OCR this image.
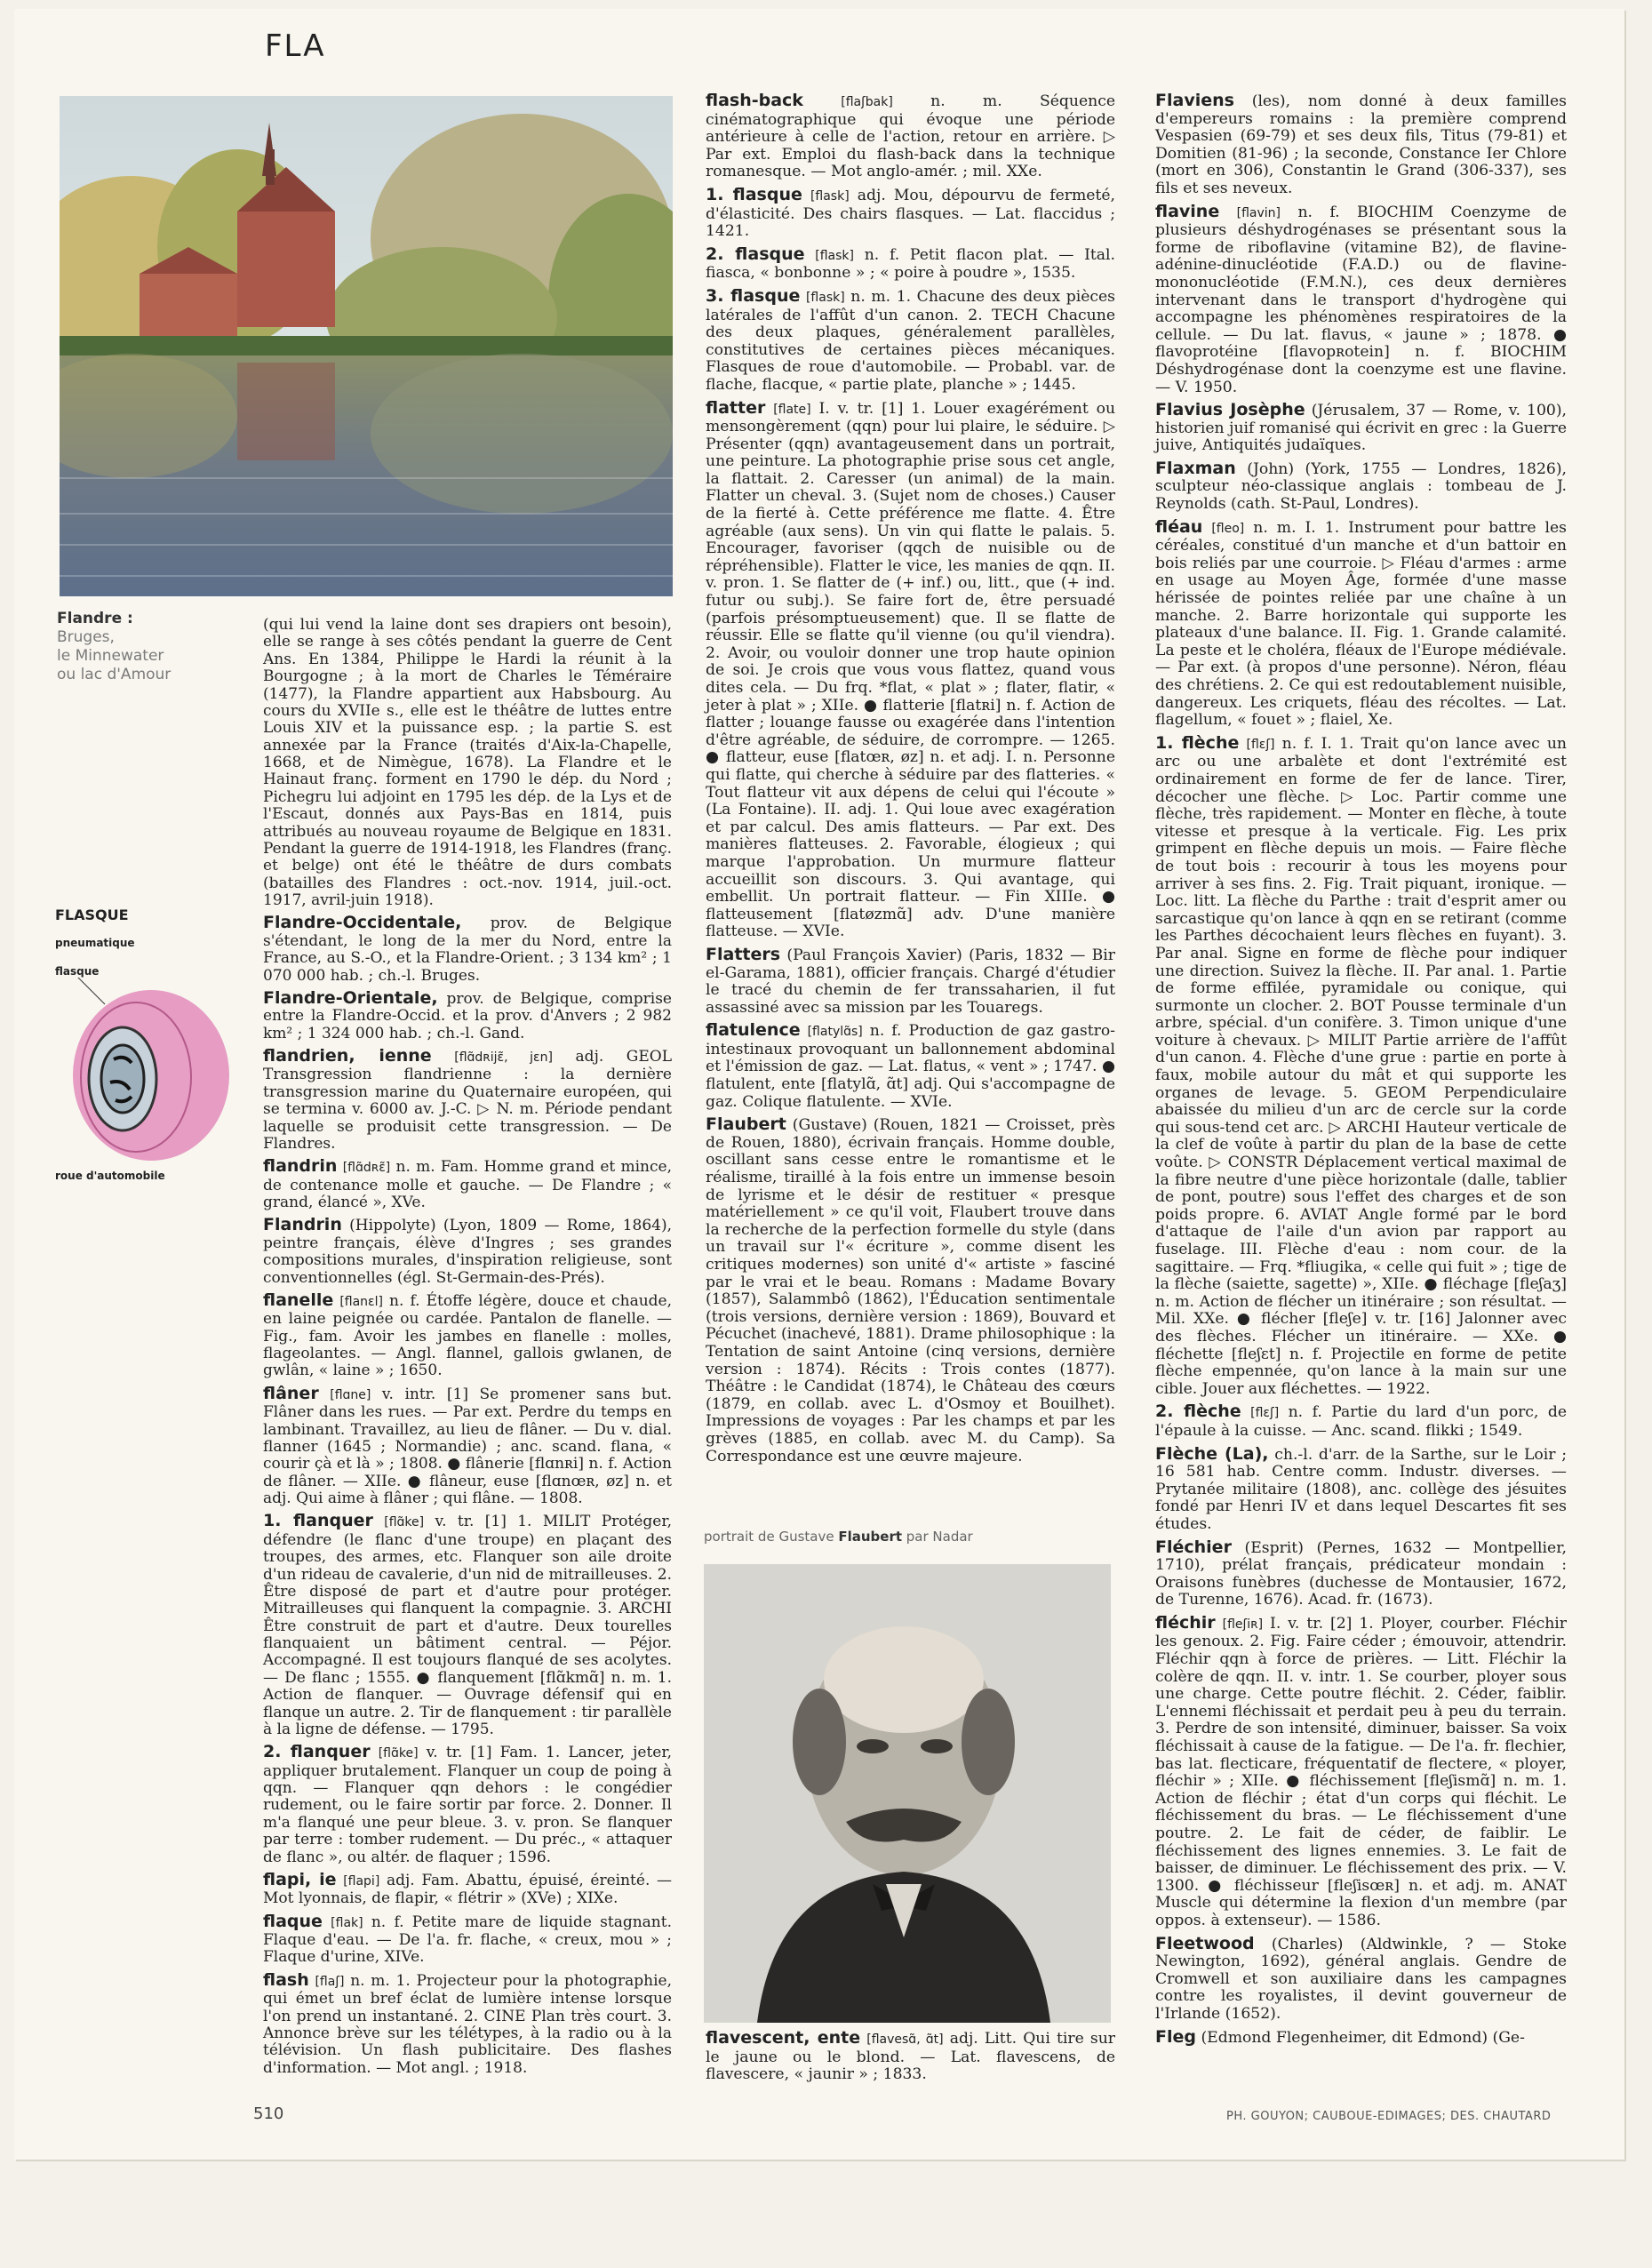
FLA
Flandre :
Bruges,
le Minnewater
ou lac d'Amour
FLASQUE
pneumatique
flasque
roue d'automobile

(qui lui vend la laine dont ses drapiers ont besoin), elle se range à ses côtés pendant la guerre de Cent Ans. En 1384, Philippe le Hardi la réunit à la Bourgogne ; à la mort de Charles le Téméraire (1477), la Flandre appartient aux Habsbourg. Au cours du XVIIe s., elle est le théâtre de luttes entre Louis XIV et la puissance esp. ; la partie S. est annexée par la France (traités d'Aix-la-Chapelle, 1668, et de Nimègue, 1678). La Flandre et le Hainaut franç. forment en 1790 le dép. du Nord ; Pichegru lui adjoint en 1795 les dép. de la Lys et de l'Escaut, donnés aux Pays-Bas en 1814, puis attribués au nouveau royaume de Belgique en 1831. Pendant la guerre de 1914-1918, les Flandres (franç. et belge) ont été le théâtre de durs combats (batailles des Flandres : oct.-nov. 1914, juil.-oct. 1917, avril-juin 1918).

Flandre-Occidentale, prov. de Belgique s'étendant, le long de la mer du Nord, entre la France, au S.-O., et la Flandre-Orient. ; 3 134 km² ; 1 070 000 hab. ; ch.-l. Bruges.

Flandre-Orientale, prov. de Belgique, comprise entre la Flandre-Occid. et la prov. d'Anvers ; 2 982 km² ; 1 324 000 hab. ; ch.-l. Gand.

flandrien, ienne [flɑ̃dʀijɛ̃, jɛn] adj. GEOL Transgression flandrienne : la dernière transgression marine du Quaternaire européen, qui se termina v. 6000 av. J.-C. ▷ N. m. Période pendant laquelle se produisit cette transgression. — De Flandres.

flandrin [flɑ̃dʀɛ̃] n. m. Fam. Homme grand et mince, de contenance molle et gauche. — De Flandre ; « grand, élancé », XVe.

Flandrin (Hippolyte) (Lyon, 1809 — Rome, 1864), peintre français, élève d'Ingres ; ses grandes compositions murales, d'inspiration religieuse, sont conventionnelles (égl. St-Germain-des-Prés).

flanelle [flanɛl] n. f. Étoffe légère, douce et chaude, en laine peignée ou cardée. Pantalon de flanelle. — Fig., fam. Avoir les jambes en flanelle : molles, flageolantes. — Angl. flannel, gallois gwlanen, de gwlân, « laine » ; 1650.

flâner [flɑne] v. intr. [1] Se promener sans but. Flâner dans les rues. — Par ext. Perdre du temps en lambinant. Travaillez, au lieu de flâner. — Du v. dial. flanner (1645 ; Normandie) ; anc. scand. flana, « courir çà et là » ; 1808. ● flânerie [flɑnʀi] n. f. Action de flâner. — XIIe. ● flâneur, euse [flɑnœʀ, øz] n. et adj. Qui aime à flâner ; qui flâne. — 1808.

1. flanquer [flɑ̃ke] v. tr. [1] 1. MILIT Protéger, défendre (le flanc d'une troupe) en plaçant des troupes, des armes, etc. Flanquer son aile droite d'un rideau de cavalerie, d'un nid de mitrailleuses. 2. Être disposé de part et d'autre pour protéger. Mitrailleuses qui flanquent la compagnie. 3. ARCHI Être construit de part et d'autre. Deux tourelles flanquaient un bâtiment central. — Péjor. Accompagné. Il est toujours flanqué de ses acolytes. — De flanc ; 1555. ● flanquement [flɑ̃kmɑ̃] n. m. 1. Action de flanquer. — Ouvrage défensif qui en flanque un autre. 2. Tir de flanquement : tir parallèle à la ligne de défense. — 1795.

2. flanquer [flɑ̃ke] v. tr. [1] Fam. 1. Lancer, jeter, appliquer brutalement. Flanquer un coup de poing à qqn. — Flanquer qqn dehors : le congédier rudement, ou le faire sortir par force. 2. Donner. Il m'a flanqué une peur bleue. 3. v. pron. Se flanquer par terre : tomber rudement. — Du préc., « attaquer de flanc », ou altér. de flaquer ; 1596.

flapi, ie [flapi] adj. Fam. Abattu, épuisé, éreinté. — Mot lyonnais, de flapir, « flétrir » (XVe) ; XIXe.

flaque [flak] n. f. Petite mare de liquide stagnant. Flaque d'eau. — De l'a. fr. flache, « creux, mou » ; Flaque d'urine, XIVe.

flash [flaʃ] n. m. 1. Projecteur pour la photographie, qui émet un bref éclat de lumière intense lorsque l'on prend un instantané. 2. CINE Plan très court. 3. Annonce brève sur les télétypes, à la radio ou à la télévision. Un flash publicitaire. Des flashes d'information. — Mot angl. ; 1918.

flash-back	[flaʃbak] n. m. Séquence cinématographique qui évoque une période antérieure à celle de l'action, retour en arrière. ▷ Par ext. Emploi du flash-back dans la technique romanesque. — Mot anglo-amér. ; mil. XXe.

1. flasque [flask] adj. Mou, dépourvu de fermeté, d'élasticité. Des chairs flasques. — Lat. flaccidus ; 1421.

2. flasque [flask] n. f. Petit flacon plat. — Ital. fiasca, « bonbonne » ; « poire à poudre », 1535.

3. flasque [flask] n. m. 1. Chacune des deux pièces latérales de l'affût d'un canon. 2. TECH Chacune des deux plaques, généralement parallèles, constitutives de certaines pièces mécaniques. Flasques de roue d'automobile. — Probabl. var. de flache, flacque, « partie plate, planche » ; 1445.

flatter [flate] I. v. tr. [1] 1. Louer exagérément ou mensongèrement (qqn) pour lui plaire, le séduire. ▷ Présenter (qqn) avantageusement dans un portrait, une peinture. La photographie prise sous cet angle, la flattait. 2. Caresser (un animal) de la main. Flatter un cheval. 3. (Sujet nom de choses.) Causer de la fierté à. Cette préférence me flatte. 4. Être agréable (aux sens). Un vin qui flatte le palais. 5. Encourager, favoriser (qqch de nuisible ou de répréhensible). Flatter le vice, les manies de qqn. II. v. pron. 1. Se flatter de (+ inf.) ou, litt., que (+ ind. futur ou subj.). Se faire fort de, être persuadé (parfois présomptueusement) que. Il se flatte de réussir. Elle se flatte qu'il vienne (ou qu'il viendra). 2. Avoir, ou vouloir donner une trop haute opinion de soi. Je crois que vous vous flattez, quand vous dites cela. — Du frq. *flat, « plat » ; flater, flatir, « jeter à plat » ; XIIe. ● flatterie [flatʀi] n. f. Action de flatter ; louange fausse ou exagérée dans l'intention d'être agréable, de séduire, de corrompre. — 1265. ● flatteur, euse [flatœʀ, øz] n. et adj. I. n. Personne qui flatte, qui cherche à séduire par des flatteries. « Tout flatteur vit aux dépens de celui qui l'écoute » (La Fontaine). II. adj. 1. Qui loue avec exagération et par calcul. Des amis flatteurs. — Par ext. Des manières flatteuses. 2. Favorable, élogieux ; qui marque l'approbation. Un murmure flatteur accueillit son discours. 3. Qui avantage, qui embellit. Un portrait flatteur. — Fin XIIIe. ● flatteusement [flatøzmɑ̃] adv. D'une manière flatteuse. — XVIe.

Flatters (Paul François Xavier) (Paris, 1832 — Bir el-Garama, 1881), officier français. Chargé d'étudier le tracé du chemin de fer transsaharien, il fut assassiné avec sa mission par les Touaregs.

flatulence [flatylɑ̃s] n. f. Production de gaz gastro-intestinaux provoquant un ballonnement abdominal et l'émission de gaz. — Lat. flatus, « vent » ; 1747. ● flatulent, ente [flatylɑ̃, ɑ̃t] adj. Qui s'accompagne de gaz. Colique flatulente. — XVIe.

Flaubert (Gustave) (Rouen, 1821 — Croisset, près de Rouen, 1880), écrivain français. Homme double, oscillant sans cesse entre le romantisme et le réalisme, tiraillé à la fois entre un immense besoin de lyrisme et le désir de restituer « presque matériellement » ce qu'il voit, Flaubert trouve dans la recherche de la perfection formelle du style (dans un travail sur l'« écriture », comme disent les critiques modernes) son unité d'« artiste » fasciné par le vrai et le beau. Romans : Madame Bovary (1857), Salammbô (1862), l'Éducation sentimentale (trois versions, dernière version : 1869), Bouvard et Pécuchet (inachevé, 1881). Drame philosophique : la Tentation de saint Antoine (cinq versions, dernière version : 1874). Récits : Trois contes (1877). Théâtre : le Candidat (1874), le Château des cœurs (1879, en collab. avec L. d'Osmoy et Bouilhet). Impressions de voyages : Par les champs et par les grèves (1885, en collab. avec M. du Camp). Sa Correspondance est une œuvre majeure.

portrait de Gustave Flaubert par Nadar

flavescent, ente [flavesɑ̃, ɑ̃t] adj. Litt. Qui tire sur le jaune ou le blond. — Lat. flavescens, de flavescere, « jaunir » ; 1833.

Flaviens (les), nom donné à deux familles d'empereurs romains : la première comprend Vespasien (69-79) et ses deux fils, Titus (79-81) et Domitien (81-96) ; la seconde, Constance Ier Chlore (mort en 306), Constantin le Grand (306-337), ses fils et ses neveux.

flavine [flavin] n. f. BIOCHIM Coenzyme de plusieurs déshydrogénases se présentant sous la forme de riboflavine (vitamine B2), de flavine-adénine-dinucléotide (F.A.D.) ou de flavine-mononucléotide (F.M.N.), ces deux dernières intervenant dans le transport d'hydrogène qui accompagne les phénomènes respiratoires de la cellule. — Du lat. flavus, « jaune » ; 1878. ● flavoprotéine [flavopʀotein] n. f. BIOCHIM Déshydrogénase dont la coenzyme est une flavine. — V. 1950.

Flavius Josèphe (Jérusalem, 37 — Rome, v. 100), historien juif romanisé qui écrivit en grec : la Guerre juive, Antiquités judaïques.

Flaxman (John) (York, 1755 — Londres, 1826), sculpteur néo-classique anglais : tombeau de J. Reynolds (cath. St-Paul, Londres).

fléau [fleo] n. m. I. 1. Instrument pour battre les céréales, constitué d'un manche et d'un battoir en bois reliés par une courroie. ▷ Fléau d'armes : arme en usage au Moyen Âge, formée d'une masse hérissée de pointes reliée par une chaîne à un manche. 2. Barre horizontale qui supporte les plateaux d'une balance. II. Fig. 1. Grande calamité. La peste et le choléra, fléaux de l'Europe médiévale. — Par ext. (à propos d'une personne). Néron, fléau des chrétiens. 2. Ce qui est redoutablement nuisible, dangereux. Les criquets, fléau des récoltes. — Lat. flagellum, « fouet » ; flaiel, Xe.

1. flèche [flɛʃ] n. f. I. 1. Trait qu'on lance avec un arc ou une arbalète et dont l'extrémité est ordinairement en forme de fer de lance. Tirer, décocher une flèche. ▷ Loc. Partir comme une flèche, très rapidement. — Monter en flèche, à toute vitesse et presque à la verticale. Fig. Les prix grimpent en flèche depuis un mois. — Faire flèche de tout bois : recourir à tous les moyens pour arriver à ses fins. 2. Fig. Trait piquant, ironique. — Loc. litt. La flèche du Parthe : trait d'esprit amer ou sarcastique qu'on lance à qqn en se retirant (comme les Parthes décochaient leurs flèches en fuyant). 3. Par anal. Signe en forme de flèche pour indiquer une direction. Suivez la flèche. II. Par anal. 1. Partie de forme effilée, pyramidale ou conique, qui surmonte un clocher. 2. BOT Pousse terminale d'un arbre, spécial. d'un conifère. 3. Timon unique d'une voiture à chevaux. ▷ MILIT Partie arrière de l'affût d'un canon. 4. Flèche d'une grue : partie en porte à faux, mobile autour du mât et qui supporte les organes de levage. 5. GEOM Perpendiculaire abaissée du milieu d'un arc de cercle sur la corde qui sous-tend cet arc. ▷ ARCHI Hauteur verticale de la clef de voûte à partir du plan de la base de cette voûte. ▷ CONSTR Déplacement vertical maximal de la fibre neutre d'une pièce horizontale (dalle, tablier de pont, poutre) sous l'effet des charges et de son poids propre. 6. AVIAT Angle formé par le bord d'attaque de l'aile d'un avion par rapport au fuselage. III. Flèche d'eau : nom cour. de la sagittaire. — Frq. *fliugika, « celle qui fuit » ; tige de la flèche (saiette, sagette) », XIIe. ● fléchage [fleʃaʒ] n. m. Action de flécher un itinéraire ; son résultat. — Mil. XXe. ● flécher [fleʃe] v. tr. [16] Jalonner avec des flèches. Flécher un itinéraire. — XXe. ● fléchette [fleʃɛt] n. f. Projectile en forme de petite flèche empennée, qu'on lance à la main sur une cible. Jouer aux fléchettes. — 1922.

2. flèche [flɛʃ] n. f. Partie du lard d'un porc, de l'épaule à la cuisse. — Anc. scand. flikki ; 1549.

Flèche (La), ch.-l. d'arr. de la Sarthe, sur le Loir ; 16 581 hab. Centre comm. Industr. diverses. — Prytanée militaire (1808), anc. collège des jésuites fondé par Henri IV et dans lequel Descartes fit ses études.

Fléchier (Esprit) (Pernes, 1632 — Montpellier, 1710), prélat français, prédicateur mondain : Oraisons funèbres (duchesse de Montausier, 1672, de Turenne, 1676). Acad. fr. (1673).

fléchir [fleʃiʀ] I. v. tr. [2] 1. Ployer, courber. Fléchir les genoux. 2. Fig. Faire céder ; émouvoir, attendrir. Fléchir qqn à force de prières. — Litt. Fléchir la colère de qqn. II. v. intr. 1. Se courber, ployer sous une charge. Cette poutre fléchit. 2. Céder, faiblir. L'ennemi fléchissait et perdait peu à peu du terrain. 3. Perdre de son intensité, diminuer, baisser. Sa voix fléchissait à cause de la fatigue. — De l'a. fr. flechier, bas lat. flecticare, fréquentatif de flectere, « ployer, fléchir » ; XIIe. ● fléchissement [fleʃismɑ̃] n. m. 1. Action de fléchir ; état d'un corps qui fléchit. Le fléchissement du bras. — Le fléchissement d'une poutre. 2. Le fait de céder, de faiblir. Le fléchissement des lignes ennemies. 3. Le fait de baisser, de diminuer. Le fléchissement des prix. — V. 1300. ● fléchisseur [fleʃisœʀ] n. et adj. m. ANAT Muscle qui détermine la flexion d'un membre (par oppos. à extenseur). — 1586.

Fleetwood (Charles) (Aldwinkle, ? — Stoke Newington, 1692), général anglais. Gendre de Cromwell et son auxiliaire dans les campagnes contre les royalistes, il devint gouverneur de l'Irlande (1652).

Fleg (Edmond Flegenheimer, dit Edmond) (Ge-

510	PH. GOUYON; CAUBOUE-EDIMAGES; DES. CHAUTARD
